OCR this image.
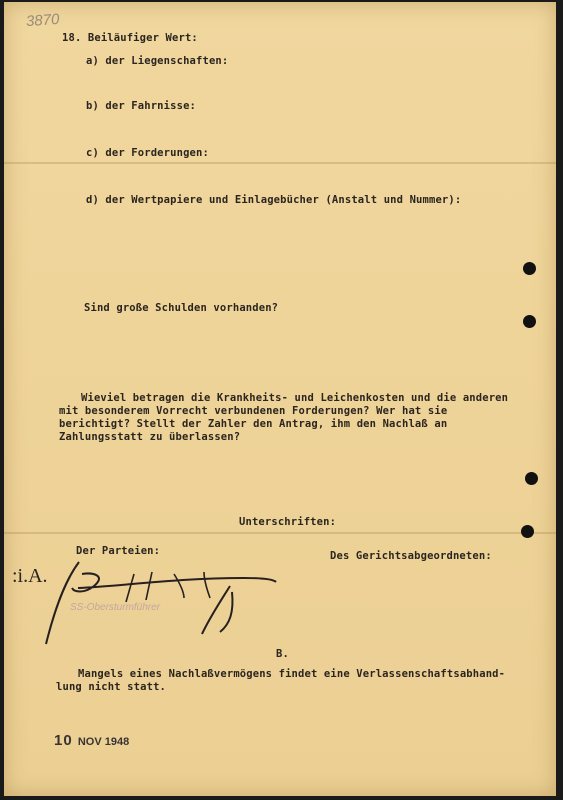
3870
18. Beiläufiger Wert:
a) der Liegenschaften:
b) der Fahrnisse:
c) der Forderungen:
d) der Wertpapiere und Einlagebücher (Anstalt und Nummer):
Sind große Schulden vorhanden?
Wieviel betragen die Krankheits- und Leichenkosten und die anderen mit besonderem Vorrecht verbundenen Forderungen? Wer hat sie berichtigt? Stellt der Zahler den Antrag, ihm den Nachlaß an Zahlungsstatt zu überlassen?
Unterschriften:
Der Parteien:	Des Gerichtsabgeordneten:
:i.A.
SS-Obersturmführer
B.
Mangels eines Nachlaßvermögens findet eine Verlassenschaftsabhand-
lung nicht statt.
10 NOV 1948
